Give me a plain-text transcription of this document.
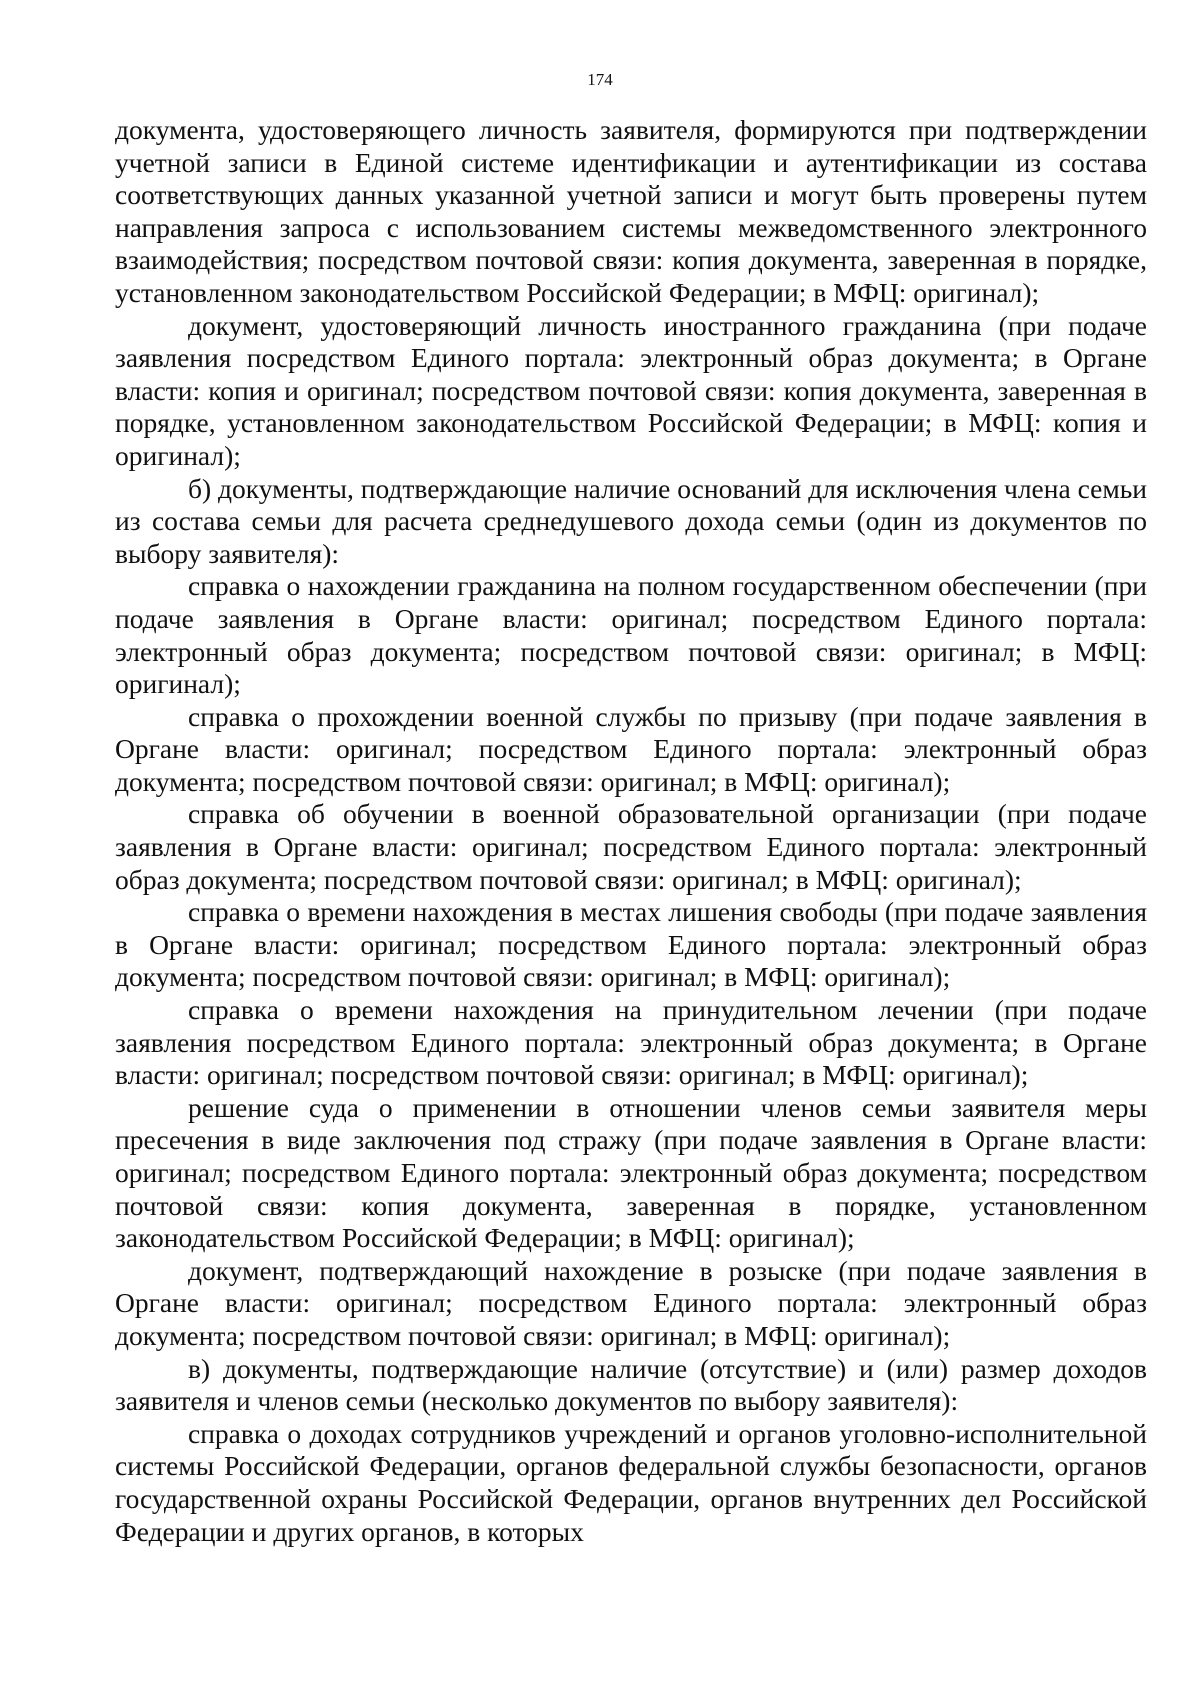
174

документа, удостоверяющего личность заявителя, формируются при подтверждении учетной записи в Единой системе идентификации и аутентификации из состава соответствующих данных указанной учетной записи и могут быть проверены путем направления запроса с использованием системы межведомственного электронного взаимодействия; посредством почтовой связи: копия документа, заверенная в порядке, установленном законодательством Российской Федерации; в МФЦ: оригинал);

документ, удостоверяющий личность иностранного гражданина (при подаче заявления посредством Единого портала: электронный образ документа; в Органе власти: копия и оригинал; посредством почтовой связи: копия документа, заверенная в порядке, установленном законодательством Российской Федерации; в МФЦ: копия и оригинал);

б) документы, подтверждающие наличие оснований для исключения члена семьи из состава семьи для расчета среднедушевого дохода семьи (один из документов по выбору заявителя):

справка о нахождении гражданина на полном государственном обеспечении (при подаче заявления в Органе власти: оригинал; посредством Единого портала: электронный образ документа; посредством почтовой связи: оригинал; в МФЦ: оригинал);

справка о прохождении военной службы по призыву (при подаче заявления в Органе власти: оригинал; посредством Единого портала: электронный образ документа; посредством почтовой связи: оригинал; в МФЦ: оригинал);

справка об обучении в военной образовательной организации (при подаче заявления в Органе власти: оригинал; посредством Единого портала: электронный образ документа; посредством почтовой связи: оригинал; в МФЦ: оригинал);

справка о времени нахождения в местах лишения свободы (при подаче заявления в Органе власти: оригинал; посредством Единого портала: электронный образ документа; посредством почтовой связи: оригинал; в МФЦ: оригинал);

справка о времени нахождения на принудительном лечении (при подаче заявления посредством Единого портала: электронный образ документа; в Органе власти: оригинал; посредством почтовой связи: оригинал; в МФЦ: оригинал);

решение суда о применении в отношении членов семьи заявителя меры пресечения в виде заключения под стражу (при подаче заявления в Органе власти: оригинал; посредством Единого портала: электронный образ документа; посредством почтовой связи: копия документа, заверенная в порядке, установленном законодательством Российской Федерации; в МФЦ: оригинал);

документ, подтверждающий нахождение в розыске (при подаче заявления в Органе власти: оригинал; посредством Единого портала: электронный образ документа; посредством почтовой связи: оригинал; в МФЦ: оригинал);

в) документы, подтверждающие наличие (отсутствие) и (или) размер доходов заявителя и членов семьи (несколько документов по выбору заявителя):

справка о доходах сотрудников учреждений и органов уголовно-исполнительной системы Российской Федерации, органов федеральной службы безопасности, органов государственной охраны Российской Федерации, органов внутренних дел Российской Федерации и других органов, в которых
